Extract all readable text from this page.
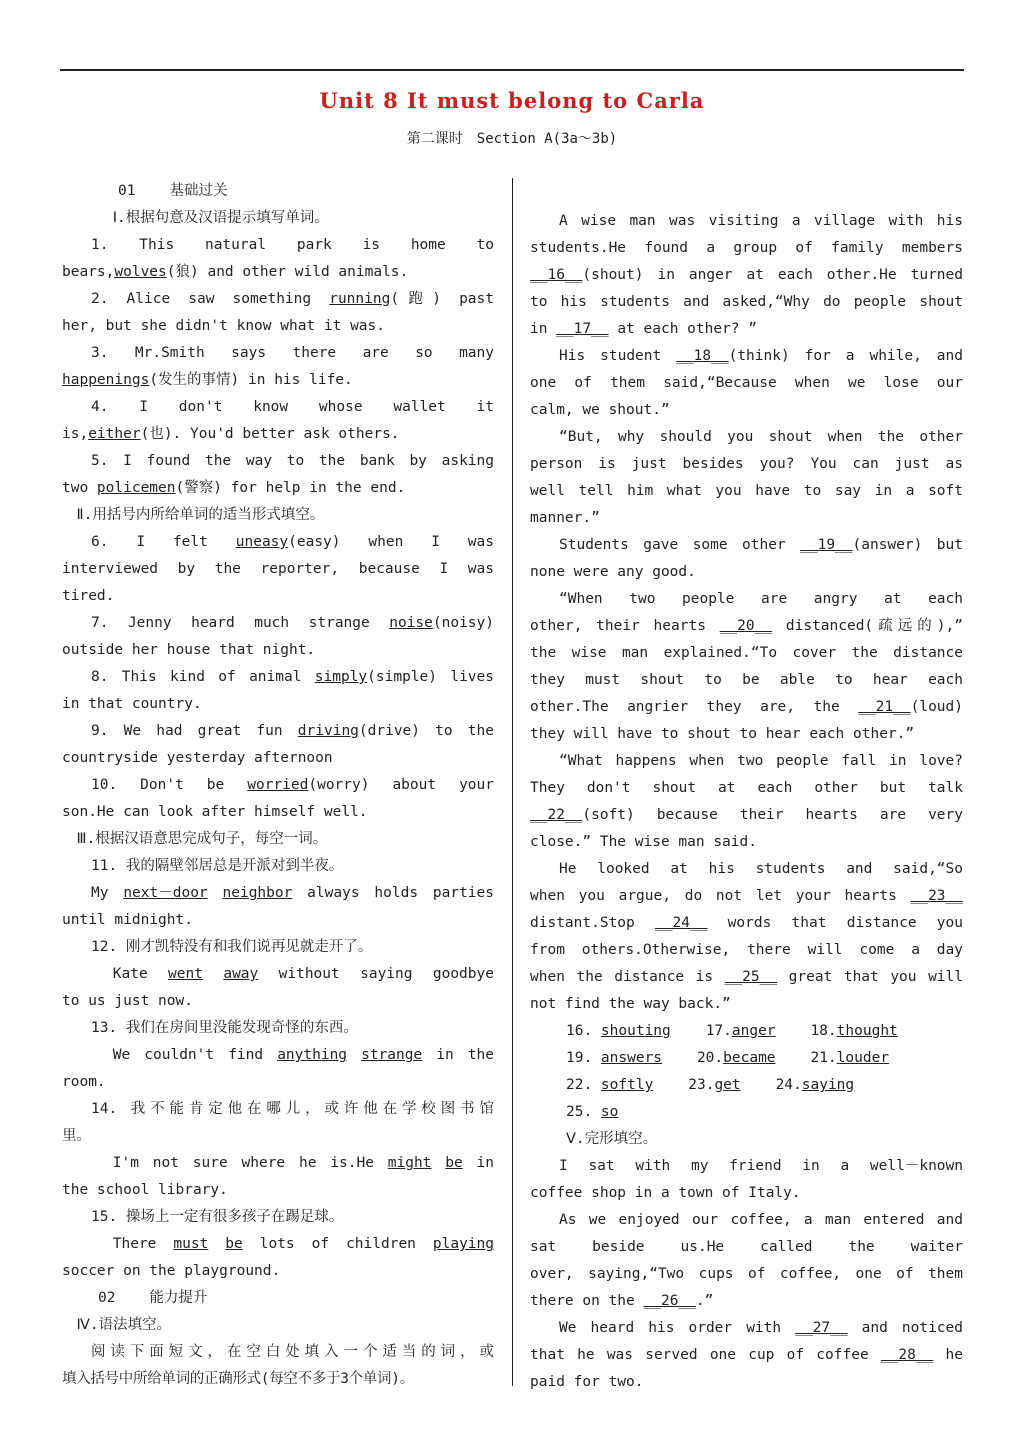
Unit 8 It must belong to Carla
第二课时　Section A(3a～3b)

01 基础过关

Ⅰ.根据句意及汉语提示填写单词。

1. This natural park is home to

bears,wolves(狼) and other wild animals.

2. Alice saw something running(跑) past

her, but she didn't know what it was.

3. Mr.Smith says there are so many

happenings(发生的事情) in his life.

4. I don't know whose wallet it

is,either(也). You'd better ask others.

5. I found the way to the bank by asking

two policemen(警察) for help in the end.

Ⅱ.用括号内所给单词的适当形式填空。

6. I felt uneasy(easy) when I was

interviewed by the reporter, because I was

tired.

7. Jenny heard much strange noise(noisy)

outside her house that night.

8. This kind of animal simply(simple) lives

in that country.

9. We had great fun driving(drive) to the

countryside yesterday afternoon

10. Don't be worried(worry) about your

son.He can look after himself well.

Ⅲ.根据汉语意思完成句子，每空一词。

11. 我的隔壁邻居总是开派对到半夜。

My next－door neighbor always holds parties

until midnight.

12. 刚才凯特没有和我们说再见就走开了。

Kate went away without saying goodbye

to us just now.

13. 我们在房间里没能发现奇怪的东西。

We couldn't find anything strange in the

room.

14. 我不能肯定他在哪儿，或许他在学校图书馆

里。

I'm not sure where he is.He might be in

the school library.

15. 操场上一定有很多孩子在踢足球。

There must be lots of children playing

soccer on the playground.

02 能力提升

Ⅳ.语法填空。

阅读下面短文，在空白处填入一个适当的词，或

填入括号中所给单词的正确形式(每空不多于3个单词)。

A wise man was visiting a village with his

students.He found a group of family members

__16__(shout) in anger at each other.He turned

to his students and asked,“Why do people shout

in __17__ at each other? ”

His student __18__(think) for a while, and

one of them said,“Because when we lose our

calm, we shout.”

“But, why should you shout when the other

person is just besides you? You can just as

well tell him what you have to say in a soft

manner.”

Students gave some other __19__(answer) but

none were any good.

“When two people are angry at each

other, their hearts __20__ distanced(疏远的),”

the wise man explained.“To cover the distance

they must shout to be able to hear each

other.The angrier they are, the __21__(loud)

they will have to shout to hear each other.”

“What happens when two people fall in love?

They don't shout at each other but talk

__22__(soft) because their hearts are very

close.” The wise man said.

He looked at his students and said,“So

when you argue, do not let your hearts __23__

distant.Stop __24__ words that distance you

from others.Otherwise, there will come a day

when the distance is __25__ great that you will

not find the way back.”

16. shouting 17.anger 18.thought

19. answers 20.became 21.louder

22. softly 23.get 24.saying

25. so

Ⅴ.完形填空。

I sat with my friend in a well－known

coffee shop in a town of Italy.

As we enjoyed our coffee, a man entered and

sat beside us.He called the waiter

over, saying,“Two cups of coffee, one of them

there on the __26__.”

We heard his order with __27__ and noticed

that he was served one cup of coffee __28__ he

paid for two.
